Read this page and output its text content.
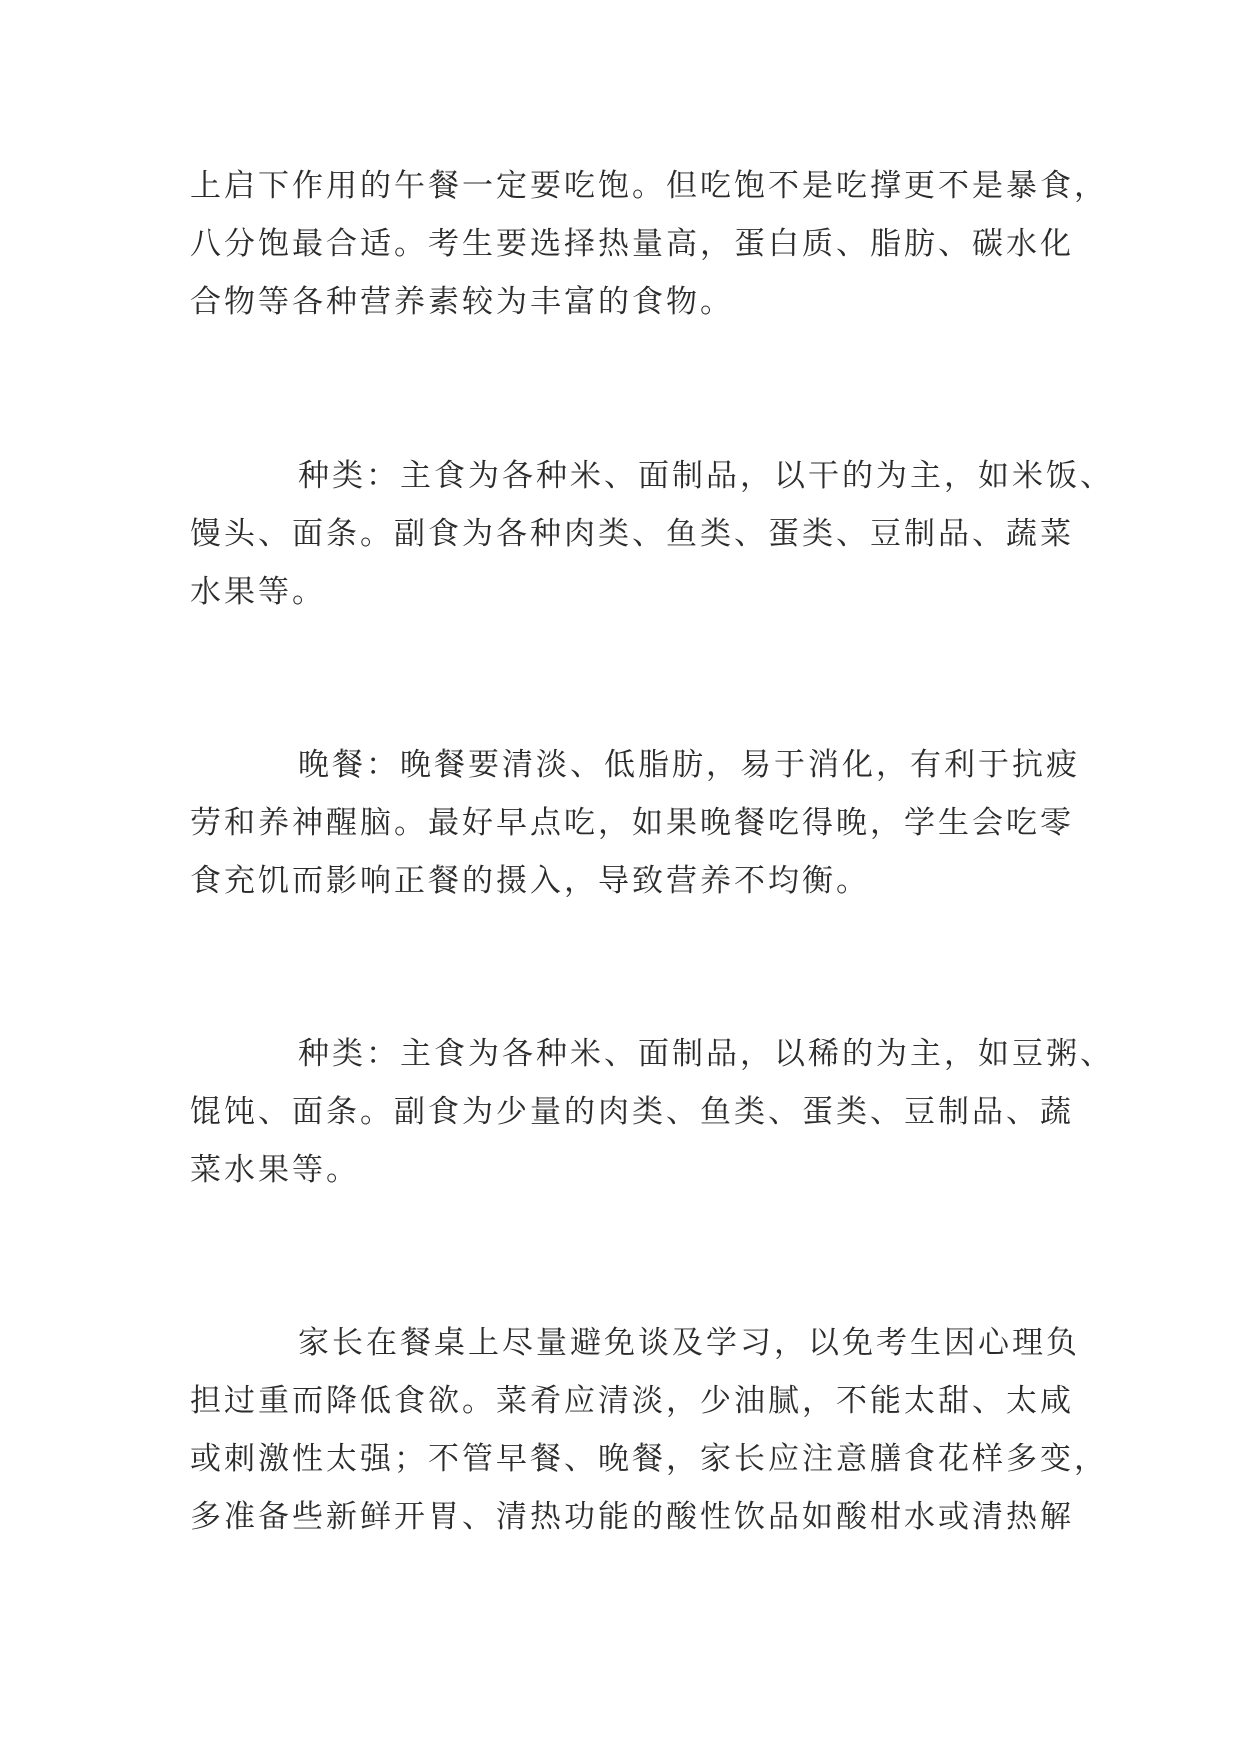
上启下作用的午餐一定要吃饱。但吃饱不是吃撑更不是暴食，
八分饱最合适。考生要选择热量高，蛋白质、脂肪、碳水化
合物等各种营养素较为丰富的食物。
种类：主食为各种米、面制品，以干的为主，如米饭、
馒头、面条。副食为各种肉类、鱼类、蛋类、豆制品、蔬菜
水果等。
晚餐：晚餐要清淡、低脂肪，易于消化，有利于抗疲
劳和养神醒脑。最好早点吃，如果晚餐吃得晚，学生会吃零
食充饥而影响正餐的摄入，导致营养不均衡。
种类：主食为各种米、面制品，以稀的为主，如豆粥、
馄饨、面条。副食为少量的肉类、鱼类、蛋类、豆制品、蔬
菜水果等。
家长在餐桌上尽量避免谈及学习，以免考生因心理负
担过重而降低食欲。菜肴应清淡，少油腻，不能太甜、太咸
或刺激性太强；不管早餐、晚餐，家长应注意膳食花样多变，
多准备些新鲜开胃、清热功能的酸性饮品如酸柑水或清热解
